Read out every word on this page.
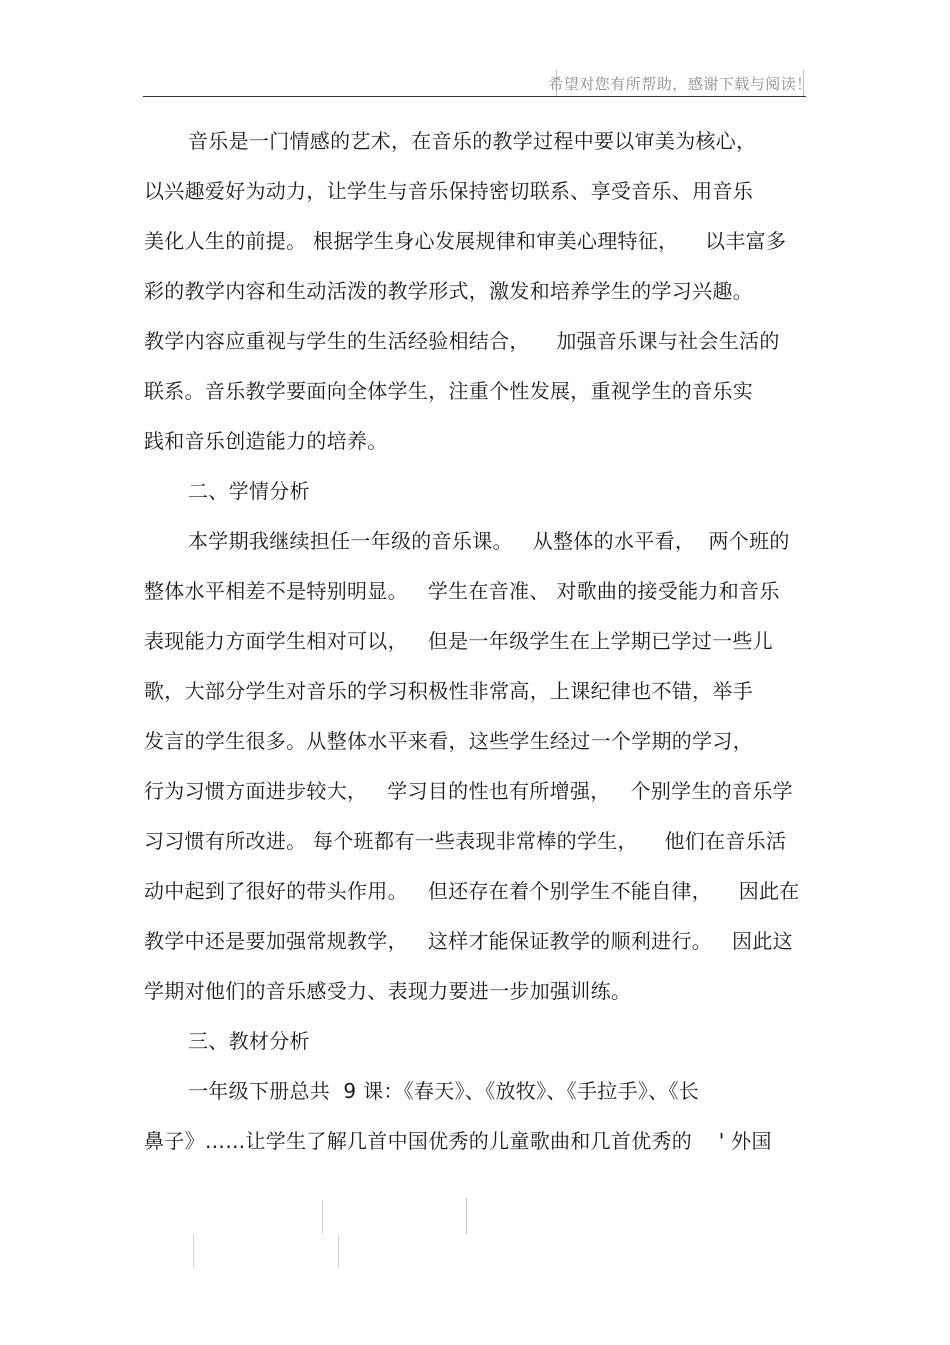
希望对您有所帮助，感谢下载与阅读！
音乐是一门情感的艺术，在音乐的教学过程中要以审美为核心，
以兴趣爱好为动力，让学生与音乐保持密切联系、享受音乐、用音乐
美化人生的前提。 根据学生身心发展规律和审美心理特征，    以丰富多
彩的教学内容和生动活泼的教学形式，激发和培养学生的学习兴趣。
教学内容应重视与学生的生活经验相结合，    加强音乐课与社会生活的
联系。音乐教学要面向全体学生，注重个性发展，重视学生的音乐实
践和音乐创造能力的培养。
二、学情分析
本学期我继续担任一年级的音乐课。   从整体的水平看，  两个班的
整体水平相差不是特别明显。   学生在音准、 对歌曲的接受能力和音乐
表现能力方面学生相对可以，   但是一年级学生在上学期已学过一些儿
歌，大部分学生对音乐的学习积极性非常高，上课纪律也不错，举手
发言的学生很多。从整体水平来看，这些学生经过一个学期的学习，
行为习惯方面进步较大，   学习目的性也有所增强，   个别学生的音乐学
习习惯有所改进。 每个班都有一些表现非常棒的学生，    他们在音乐活
动中起到了很好的带头作用。   但还存在着个别学生不能自律，    因此在
教学中还是要加强常规教学，   这样才能保证教学的顺利进行。   因此这
学期对他们的音乐感受力、表现力要进一步加强训练。
三、教材分析
一年级下册总共  9 课：《春天》、《放牧》、《手拉手》、《长
鼻子》……让学生了解几首中国优秀的儿童歌曲和几首优秀的    ' 外国
